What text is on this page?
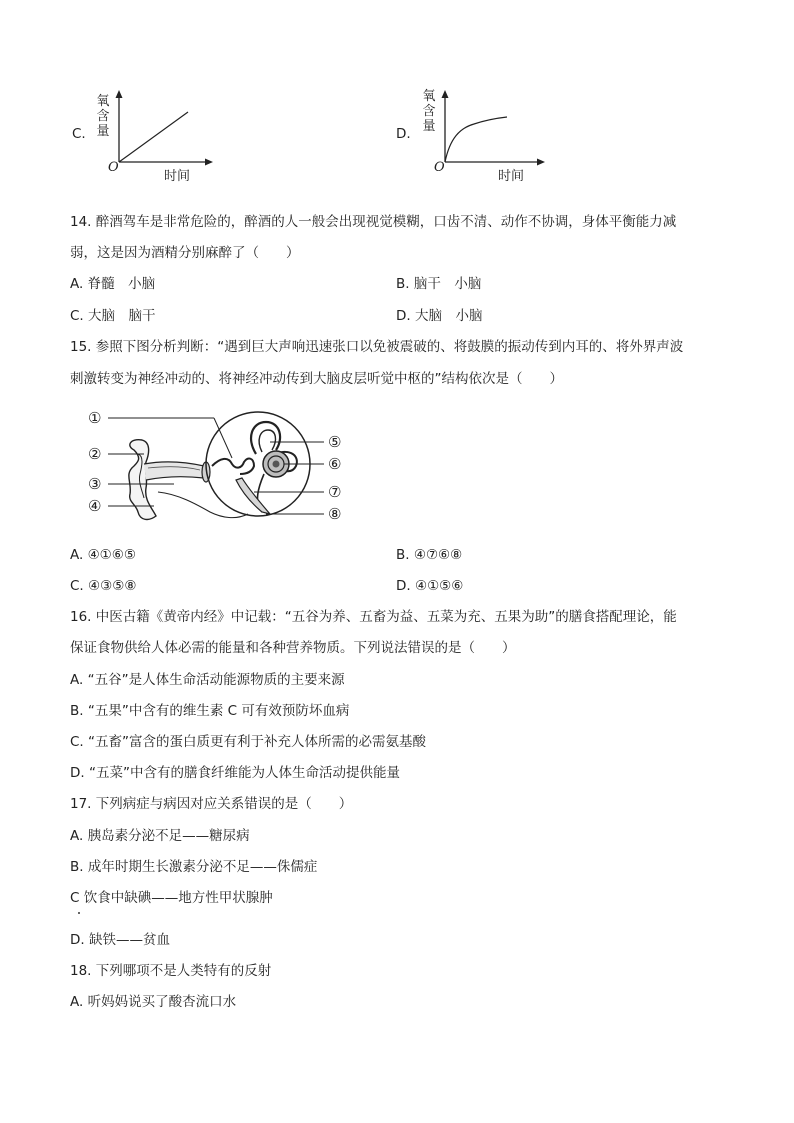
C.
氧
含
量
O
时间
D.
氧
含
量
O
时间
14. 醉酒驾车是非常危险的，醉酒的人一般会出现视觉模糊，口齿不清、动作不协调，身体平衡能力减
弱，这是因为酒精分别麻醉了（　　）
A. 脊髓　小脑	B. 脑干　小脑
C. 大脑　脑干	D. 大脑　小脑
15. 参照下图分析判断：“遇到巨大声响迅速张口以免被震破的、将鼓膜的振动传到内耳的、将外界声波
刺激转变为神经冲动的、将神经冲动传到大脑皮层听觉中枢的”结构依次是（　　）
①
②
③
④
⑤
⑥
⑦
⑧
A. ④①⑥⑤	B. ④⑦⑥⑧
C. ④③⑤⑧	D. ④①⑤⑥
16. 中医古籍《黄帝内经》中记载：“五谷为养、五畜为益、五菜为充、五果为助”的膳食搭配理论，能
保证食物供给人体必需的能量和各种营养物质。下列说法错误的是（　　）
A. “五谷”是人体生命活动能源物质的主要来源
B. “五果”中含有的维生素 C 可有效预防坏血病
C. “五畜”富含的蛋白质更有利于补充人体所需的必需氨基酸
D. “五菜”中含有的膳食纤维能为人体生命活动提供能量
17. 下列病症与病因对应关系错误的是（　　）
A. 胰岛素分泌不足——糖尿病
B. 成年时期生长激素分泌不足——侏儒症
C 饮食中缺碘——地方性甲状腺肿
D. 缺铁——贫血
18. 下列哪项不是人类特有的反射
A. 听妈妈说买了酸杏流口水
